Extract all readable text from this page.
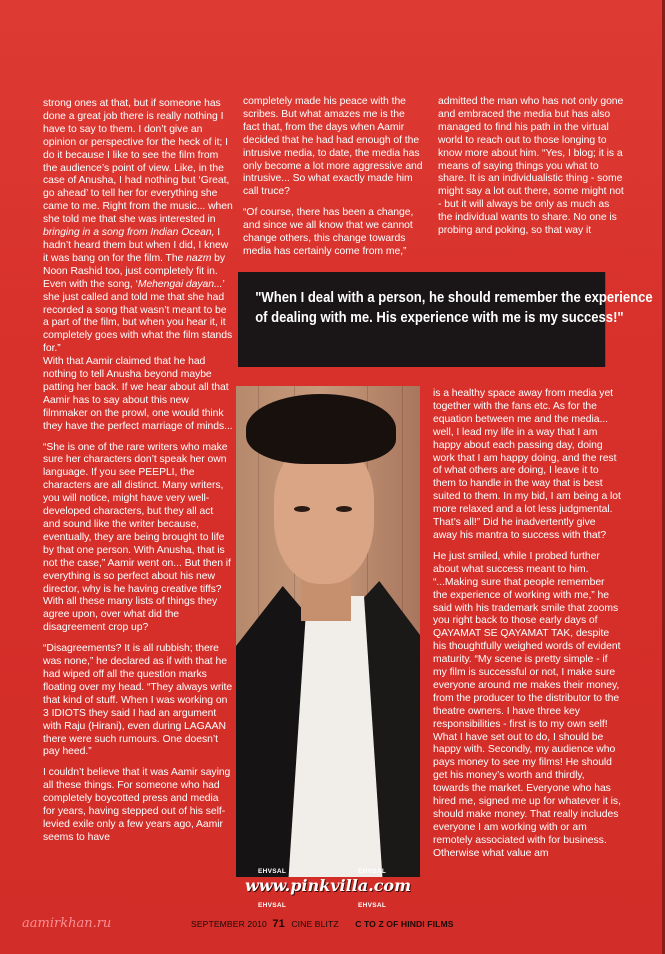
strong ones at that, but if someone has done a great job there is really nothing I have to say to them. I don’t give an opinion or perspective for the heck of it; I do it because I like to see the film from the audience’s point of view. Like, in the case of Anusha, I had nothing but ‘Great, go ahead’ to tell her for everything she came to me. Right from the music... when she told me that she was interested in bringing in a song from Indian Ocean, I hadn’t heard them but when I did, I knew it was bang on for the film. The nazm by Noon Rashid too, just completely fit in. Even with the song, ‘Mehengai dayan...’ she just called and told me that she had recorded a song that wasn’t meant to be a part of the film, but when you hear it, it completely goes with what the film stands for.”

With that Aamir claimed that he had nothing to tell Anusha beyond maybe patting her back. If we hear about all that Aamir has to say about this new filmmaker on the prowl, one would think they have the perfect marriage of minds...

“She is one of the rare writers who make sure her characters don’t speak her own language. If you see PEEPLI, the characters are all distinct. Many writers, you will notice, might have very well-developed characters, but they all act and sound like the writer because, eventually, they are being brought to life by that one person. With Anusha, that is not the case,” Aamir went on... But then if everything is so perfect about his new director, why is he having creative tiffs? With all these many lists of things they agree upon, over what did the disagreement crop up?

“Disagreements? It is all rubbish; there was none,” he declared as if with that he had wiped off all the question marks floating over my head. “They always write that kind of stuff. When I was working on 3 IDIOTS they said I had an argument with Raju (Hirani), even during LAGAAN there were such rumours. One doesn’t pay heed.”

I couldn’t believe that it was Aamir saying all these things. For someone who had completely boycotted press and media for years, having stepped out of his self-levied exile only a few years ago, Aamir seems to have

completely made his peace with the scribes. But what amazes me is the fact that, from the days when Aamir decided that he had had enough of the intrusive media, to date, the media has only become a lot more aggressive and intrusive... So what exactly made him call truce?

“Of course, there has been a change, and since we all know that we cannot change others, this change towards media has certainly come from me,”

admitted the man who has not only gone and embraced the media but has also managed to find his path in the virtual world to reach out to those longing to know more about him. “Yes, I blog; it is a means of saying things you what to share. It is an individualistic thing - some might say a lot out there, some might not - but it will always be only as much as the individual wants to share. No one is probing and poking, so that way it

"When I deal with a person, he should remember the experience of dealing with me. His experience with me is my success!"

is a healthy space away from media yet together with the fans etc. As for the equation between me and the media... well, I lead my life in a way that I am happy about each passing day, doing work that I am happy doing, and the rest of what others are doing, I leave it to them to handle in the way that is best suited to them. In my bid, I am being a lot more relaxed and a lot less judgmental. That’s all!” Did he inadvertently give away his mantra to success with that?

He just smiled, while I probed further about what success meant to him. “...Making sure that people remember the experience of working with me,” he said with his trademark smile that zooms you right back to those early days of QAYAMAT SE QAYAMAT TAK, despite his thoughtfully weighed words of evident maturity. “My scene is pretty simple - if my film is successful or not, I make sure everyone around me makes their money, from the producer to the distributor to the theatre owners. I have three key responsibilities - first is to my own self! What I have set out to do, I should be happy with. Secondly, my audience who pays money to see my films! He should get his money’s worth and thirdly, towards the market. Everyone who has hired me, signed me up for whatever it is, should make money. That really includes everyone I am working with or am remotely associated with for business. Otherwise what value am

EHVSAL	EHVSAL
www.pinkvilla.com
EHVSAL	EHVSAL
aamirkhan.ru	SEPTEMBER 2010 71 CINE BLITZ C TO Z OF HINDI FILMS
